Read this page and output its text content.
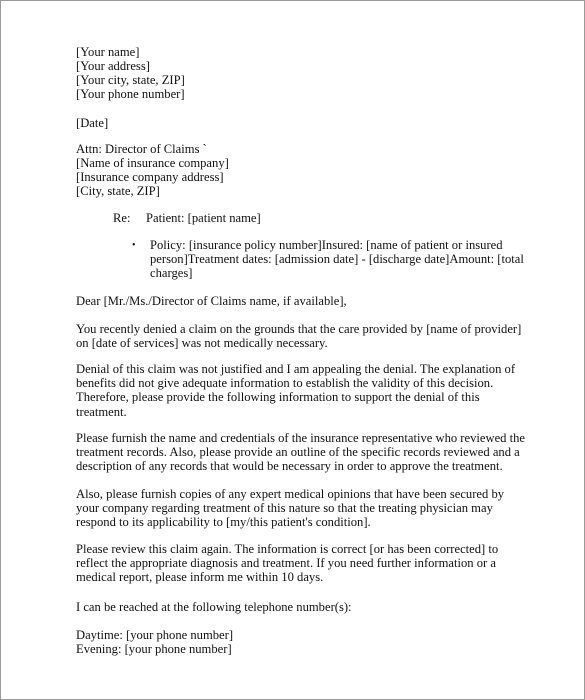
[Your name]
[Your address]
[Your city, state, ZIP]
[Your phone number]
[Date]
Attn: Director of Claims `
[Name of insurance company]
[Insurance company address]
[City, state, ZIP]
Re: Patient: [patient name]
• Policy: [insurance policy number]Insured: [name of patient or insured
person]Treatment dates: [admission date] - [discharge date]Amount: [total
charges]
Dear [Mr./Ms./Director of Claims name, if available],
You recently denied a claim on the grounds that the care provided by [name of provider]
on [date of services] was not medically necessary.
Denial of this claim was not justified and I am appealing the denial. The explanation of
benefits did not give adequate information to establish the validity of this decision.
Therefore, please provide the following information to support the denial of this
treatment.
Please furnish the name and credentials of the insurance representative who reviewed the
treatment records. Also, please provide an outline of the specific records reviewed and a
description of any records that would be necessary in order to approve the treatment.
Also, please furnish copies of any expert medical opinions that have been secured by
your company regarding treatment of this nature so that the treating physician may
respond to its applicability to [my/this patient's condition].
Please review this claim again. The information is correct [or has been corrected] to
reflect the appropriate diagnosis and treatment. If you need further information or a
medical report, please inform me within 10 days.
I can be reached at the following telephone number(s):
Daytime: [your phone number]
Evening: [your phone number]
